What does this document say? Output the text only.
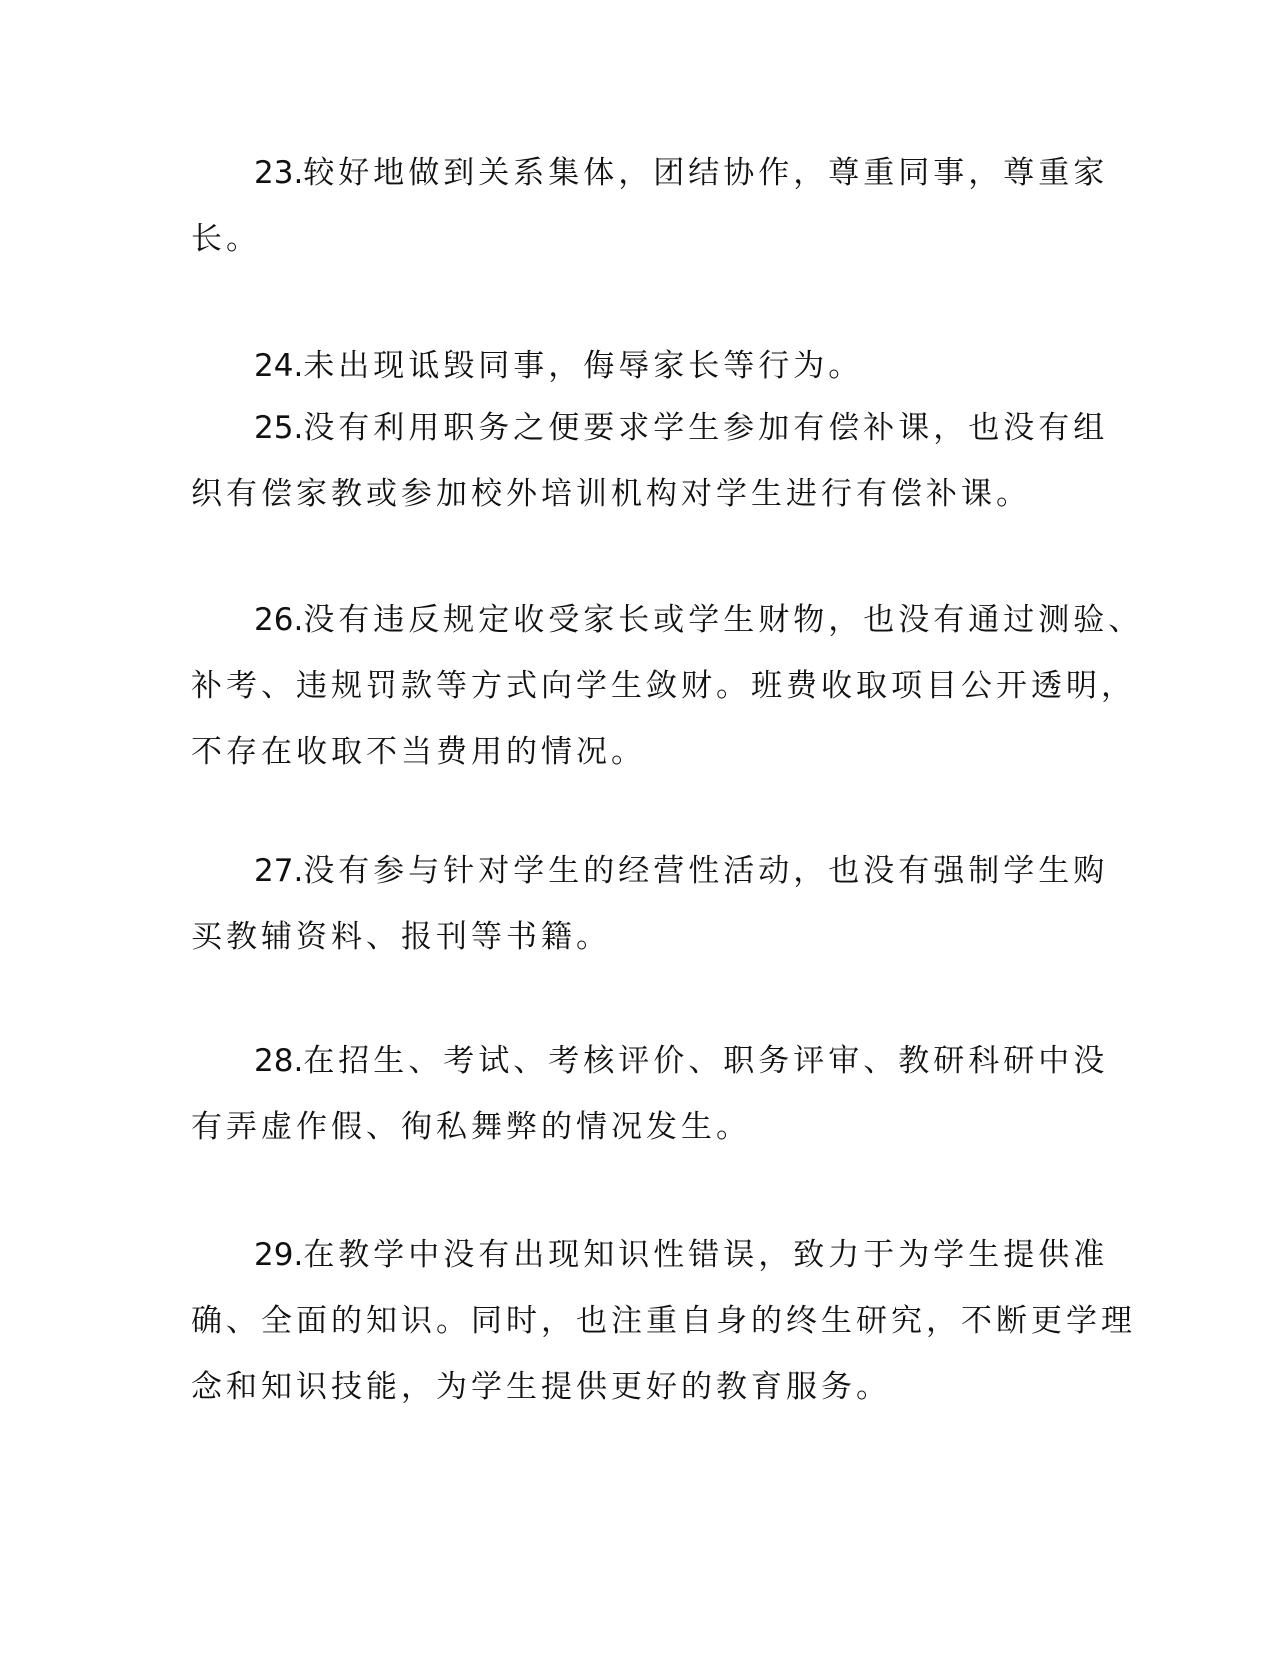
23.较好地做到关系集体，团结协作，尊重同事，尊重家
长。

24.未出现诋毁同事，侮辱家长等行为。

25.没有利用职务之便要求学生参加有偿补课，也没有组
织有偿家教或参加校外培训机构对学生进行有偿补课。

26.没有违反规定收受家长或学生财物，也没有通过测验、
补考、违规罚款等方式向学生敛财。班费收取项目公开透明，
不存在收取不当费用的情况。

27.没有参与针对学生的经营性活动，也没有强制学生购
买教辅资料、报刊等书籍。

28.在招生、考试、考核评价、职务评审、教研科研中没
有弄虚作假、徇私舞弊的情况发生。

29.在教学中没有出现知识性错误，致力于为学生提供准
确、全面的知识。同时，也注重自身的终生研究，不断更学理
念和知识技能，为学生提供更好的教育服务。
